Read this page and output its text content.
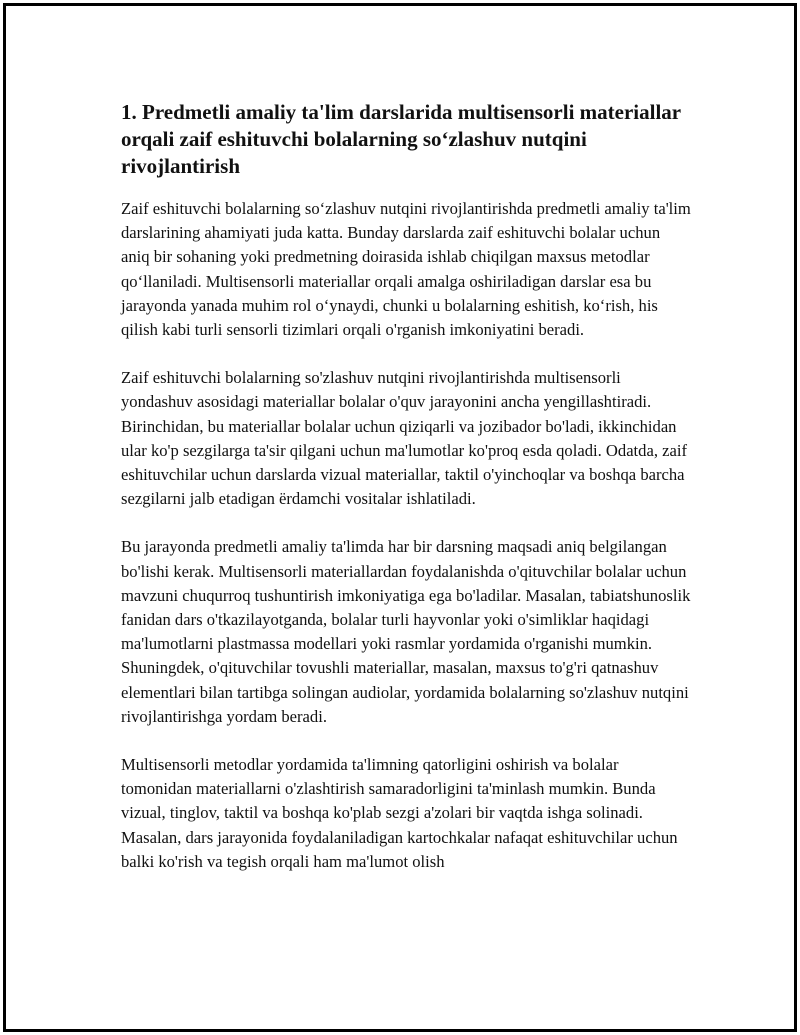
1. Predmetli amaliy ta'lim darslarida multisensorli materiallar orqali zaif eshituvchi bolalarning so‘zlashuv nutqini rivojlantirish

Zaif eshituvchi bolalarning so‘zlashuv nutqini rivojlantirishda predmetli amaliy ta'lim darslarining ahamiyati juda katta. Bunday darslarda zaif eshituvchi bolalar uchun aniq bir sohaning yoki predmetning doirasida ishlab chiqilgan maxsus metodlar qo‘llaniladi. Multisensorli materiallar orqali amalga oshiriladigan darslar esa bu jarayonda yanada muhim rol o‘ynaydi, chunki u bolalarning eshitish, ko‘rish, his qilish kabi turli sensorli tizimlari orqali o'rganish imkoniyatini beradi.

Zaif eshituvchi bolalarning so'zlashuv nutqini rivojlantirishda multisensorli yondashuv asosidagi materiallar bolalar o'quv jarayonini ancha yengillashtiradi. Birinchidan, bu materiallar bolalar uchun qiziqarli va jozibador bo'ladi, ikkinchidan ular ko'p sezgilarga ta'sir qilgani uchun ma'lumotlar ko'proq esda qoladi. Odatda, zaif eshituvchilar uchun darslarda vizual materiallar, taktil o'yinchoqlar va boshqa barcha sezgilarni jalb etadigan ërdamchi vositalar ishlatiladi.

Bu jarayonda predmetli amaliy ta'limda har bir darsning maqsadi aniq belgilangan bo'lishi kerak. Multisensorli materiallardan foydalanishda o'qituvchilar bolalar uchun mavzuni chuqurroq tushuntirish imkoniyatiga ega bo'ladilar. Masalan, tabiatshunoslik fanidan dars o'tkazilayotganda, bolalar turli hayvonlar yoki o'simliklar haqidagi ma'lumotlarni plastmassa modellari yoki rasmlar yordamida o'rganishi mumkin. Shuningdek, o'qituvchilar tovushli materiallar, masalan, maxsus to'g'ri qatnashuv elementlari bilan tartibga solingan audiolar, yordamida bolalarning so'zlashuv nutqini rivojlantirishga yordam beradi.

Multisensorli metodlar yordamida ta'limning qatorligini oshirish va bolalar tomonidan materiallarni o'zlashtirish samaradorligini ta'minlash mumkin. Bunda vizual, tinglov, taktil va boshqa ko'plab sezgi a'zolari bir vaqtda ishga solinadi. Masalan, dars jarayonida foydalaniladigan kartochkalar nafaqat eshituvchilar uchun balki ko'rish va tegish orqali ham ma'lumot olish
